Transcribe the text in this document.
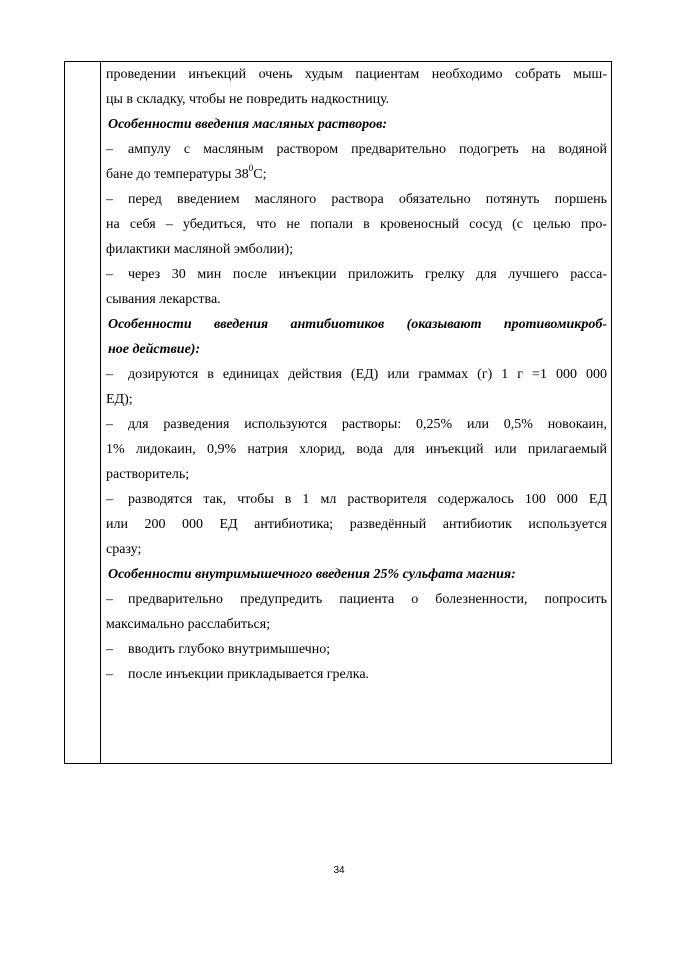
проведении инъекций очень худым пациентам необходимо собрать мыш-
цы в складку, чтобы не повредить надкостницу.
Особенности введения масляных растворов:
– ампулу с масляным раствором предварительно подогреть на водяной
бане до температуры $38^0С$;
– перед введением масляного раствора обязательно потянуть поршень
на себя – убедиться, что не попали в кровеносный сосуд (с целью про-
филактики масляной эмболии);
– через 30 мин после инъекции приложить грелку для лучшего расса-
сывания лекарства.
Особенности введения антибиотиков (оказывают противомикроб-
ное действие):
– дозируются в единицах действия (ЕД) или граммах (г) 1 г =1 000 000
ЕД);
– для разведения используются растворы: 0,25% или 0,5% новокаин,
1% лидокаин, 0,9% натрия хлорид, вода для инъекций или прилагаемый
растворитель;
– разводятся так, чтобы в 1 мл растворителя содержалось 100 000 ЕД
или 200 000 ЕД антибиотика; разведённый антибиотик используется
сразу;
Особенности внутримышечного введения 25% сульфата магния:
– предварительно предупредить пациента о болезненности, попросить
максимально расслабиться;
– вводить глубоко внутримышечно;
– после инъекции прикладывается грелка.
34
